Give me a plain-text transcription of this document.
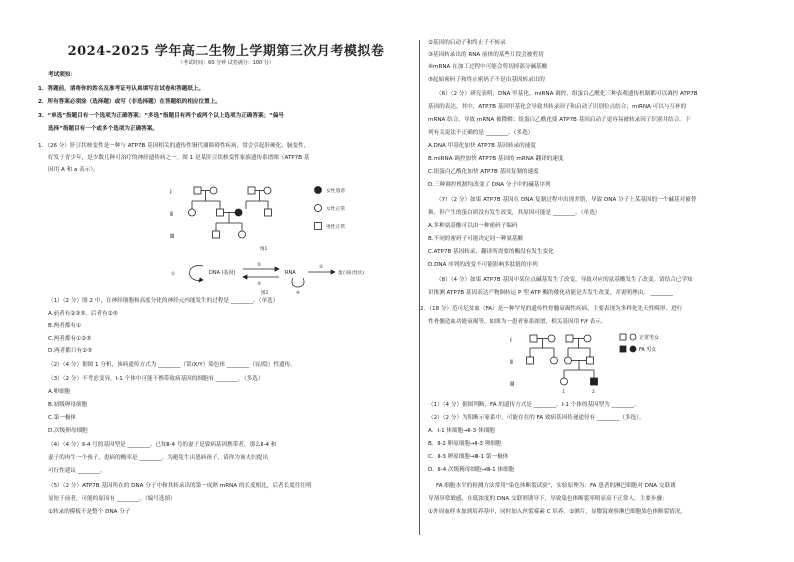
2024-2025 学年高二生物上学期第三次月考模拟卷
（考试时间：60 分钟 试卷满分：100 分）
考试须知：
1．答题前，请将你的姓名及准考证号认真填写在试卷和答题纸上。
2．所有答案必须涂（选择题）或写（非选择题）在答题纸的相应位置上。
3．“单选”指题目有一个选项为正确答案；“多选”指题目有两个或两个以上选项为正确答案；“偏号
选择”指题目有一个或多个选项为正确答案。
1．（26 分）肝豆状核变性是一种与 ATP7B 基因相关的遗传性铜代谢障碍性疾病，常会引起肝硬化、脑变性，
好发于青少年，是少数几种可治疗的神经遗传病之一。图 1 是某肝豆状核变性家族遗传系谱图（ATP7B 基
因用 A 和 a 表示）。
Ⅰ
Ⅱ
Ⅲ
女性患者
女性正常
男性正常
图1
DNA (基因)
①
②
③
RNA
④
⑤
蛋白质(性状)
图2
（1）（2 分）图 2 中，在神经细胞和高度分化的神经元内能发生的过程是 ________。（单选）
A.前者有②③⑤，后者有②⑤
B.两者都有①
C.两者都有①②⑤
D.两者都只有②⑤
（2）（4 分）据图 1 分析，该病遗传方式为 ________（常/X/Y）染色体 ________（显/隐）性遗传。
（3）（2 分）不考虑变异，Ⅰ-1 个体中可能不携带致病基因的细胞有 ________。（多选）
A.卵细胞
B.初级卵母细胞
C.第一极体
D.次级卵母细胞
（4）（4 分）Ⅱ-4 号的基因型是 ________。已知Ⅱ-4 号的妻子是致病基因携带者，那么Ⅱ-4 和
妻子的再生一个孩子，患病的概率是 ________。为避免生出患病孩子，请你为该夫妇提出
可行性建议 ________。
（5）（2 分）ATP7B 基因所在的 DNA 分子中和其转录出的第一成熟 mRNA 的长度相比，后者长度往往明
显短于前者，可能的原因有 ________。（编号选填）
①转录的模板不是整个 DNA 分子
②基因的启动子和终止子不转录
③基因转录出的 RNA 前体的某些片段会被剪切
④mRNA 在加工过程中可能会剪切掉部分碱基酸
⑤起始密码子和终止密码子不是由基因转录出的
（6）（2 分）研究表明，DNA 甲基化、miRNA 调控，组蛋白乙酰化三种表观遗传机制都可以调控 ATP7B
基因的表达。其中，ATP7B 基因甲基化会导致其转录因子和启动子识别位点结合；miRNA 可以与互补的
mRNA 结合，导致 mRNA 被降解；组蛋白乙酰化使 ATP7B 基因启动子更容易被转录因子识别并结合。下
列有关说法不正确的是 ________。（多选）
A.DNA 甲基化加快 ATP7B 基因转录的速度
B.miRNA 调控加快 ATP7B 基因的 mRNA 翻译的速度
C.组蛋白乙酰化加快 ATP7B 基因复制的速度
D.三种调控机制均改变了 DNA 分子中的碱基序列
（7）（2 分）如果 ATP7B 基因在 DNA 复制过程中出现差错，导致 DNA 分子上某基因的一个碱基对被替
换，但产生的蛋白质没有发生改变，其原因可能是 ________。（单选）
A.多种氨基酸可以由一种密码子编码
B.不同的密码子可能决定同一种氨基酸
C.ATP7B 基因转录、翻译所需要的酶没有发生变化
D.DNA 序列的改变不可能影响多肽链的序列
（8）（4 分）如果 ATP7B 基因中某位点碱基发生了改变，导致对应的氨基酸发生了改变，请结合已学知
识推测 ATP7B 基因表达产物铜转运 P 型 ATP 酶的催化功能是否发生改变，并说明理由。 ________
2．（18 分）范可尼贫血（FA）是一种罕见的遗传性骨髓衰竭性疾病，主要表现为多样化先天性畸形、进行
性骨髓造血功能衰竭等，如图为一患者家系图谱，相关基因用 F/f 表示。
Ⅰ
Ⅱ
Ⅲ
1	2
正常男女
FA 男女
（1）（4 分）据图判断，FA 的遗传方式是 ________，Ⅰ-1 个体的基因型为 ________。
（2）（2 分）为阻断示家系中，可能存在的 FA 致病基因传递途径有 ________（多选）。
A．Ⅰ-1 体细胞→Ⅱ-3 体细胞
B．Ⅱ-2 卵原细胞→Ⅱ-3 卵细胞
C．Ⅱ-3 卵原细胞→Ⅲ-1 第一极体
D．Ⅱ-4 次级精母细胞→Ⅲ-1 体细胞
FA 细胞水平的检测方法常用“染色体断裂试验”，实验原理为：FA 患者的淋巴细胞对 DNA 交联诱
导剂异常敏感，在低浓度的 DNA 交联剂诱导下，导致染色体断裂率明显高于正常人。主要步骤：
①外周血样本加到培养基中，同时加入丝裂霉素 C 培养。②测片，显微镜观察淋巴细胞染色体断裂情况。
